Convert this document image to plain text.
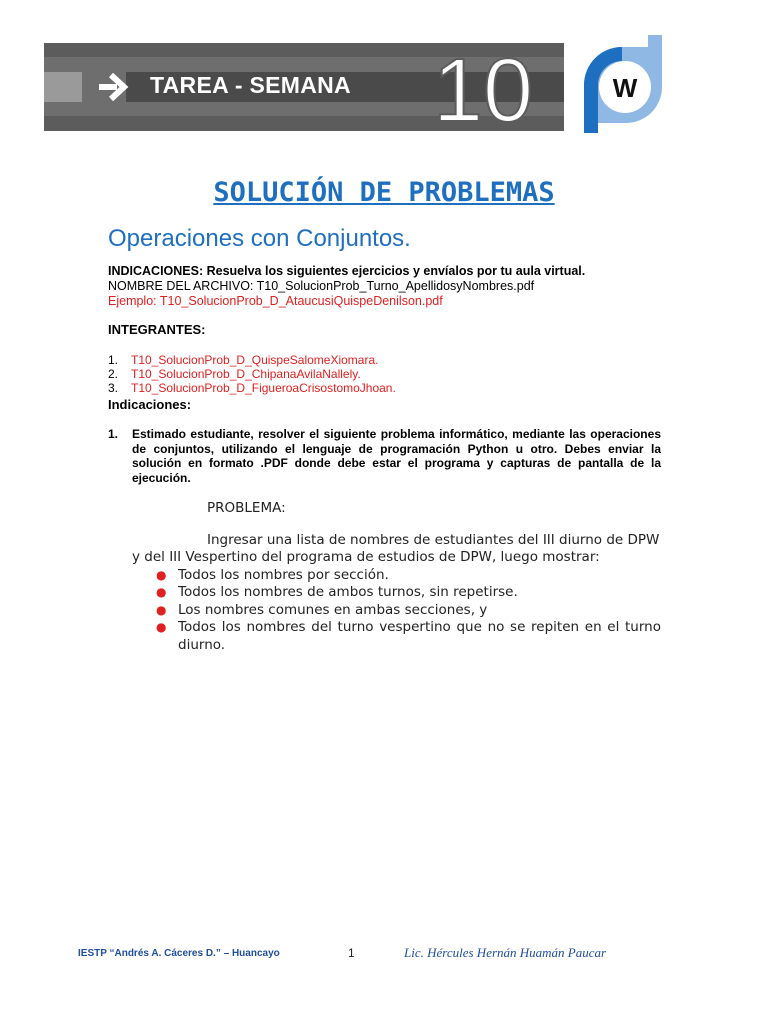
TAREA - SEMANA 10	W
SOLUCIÓN DE PROBLEMAS
Operaciones con Conjuntos.
INDICACIONES: Resuelva los siguientes ejercicios y envíalos por tu aula virtual.
NOMBRE DEL ARCHIVO: T10_SolucionProb_Turno_ApellidosyNombres.pdf
Ejemplo: T10_SolucionProb_D_AtaucusiQuispeDenilson.pdf
INTEGRANTES:
1.	T10_SolucionProb_D_QuispeSalomeXiomara.
2.	T10_SolucionProb_D_ChipanaAvilaNallely.
3.	T10_SolucionProb_D_FigueroaCrisostomoJhoan.
Indicaciones:
1.	Estimado estudiante, resolver el siguiente problema informático, mediante las operaciones de conjuntos, utilizando el lenguaje de programación Python u otro. Debes enviar la solución en formato .PDF donde debe estar el programa y capturas de pantalla de la ejecución.
PROBLEMA:

Ingresar una lista de nombres de estudiantes del III diurno de DPW y del III Vespertino del programa de estudios de DPW, luego mostrar:

● Todos los nombres por sección.
● Todos los nombres de ambos turnos, sin repetirse.
● Los nombres comunes en ambas secciones, y
● Todos los nombres del turno vespertino que no se repiten en el turno diurno.
IESTP “Andrés A. Cáceres D.” – Huancayo	1	Lic. Hércules Hernán Huamán Paucar
